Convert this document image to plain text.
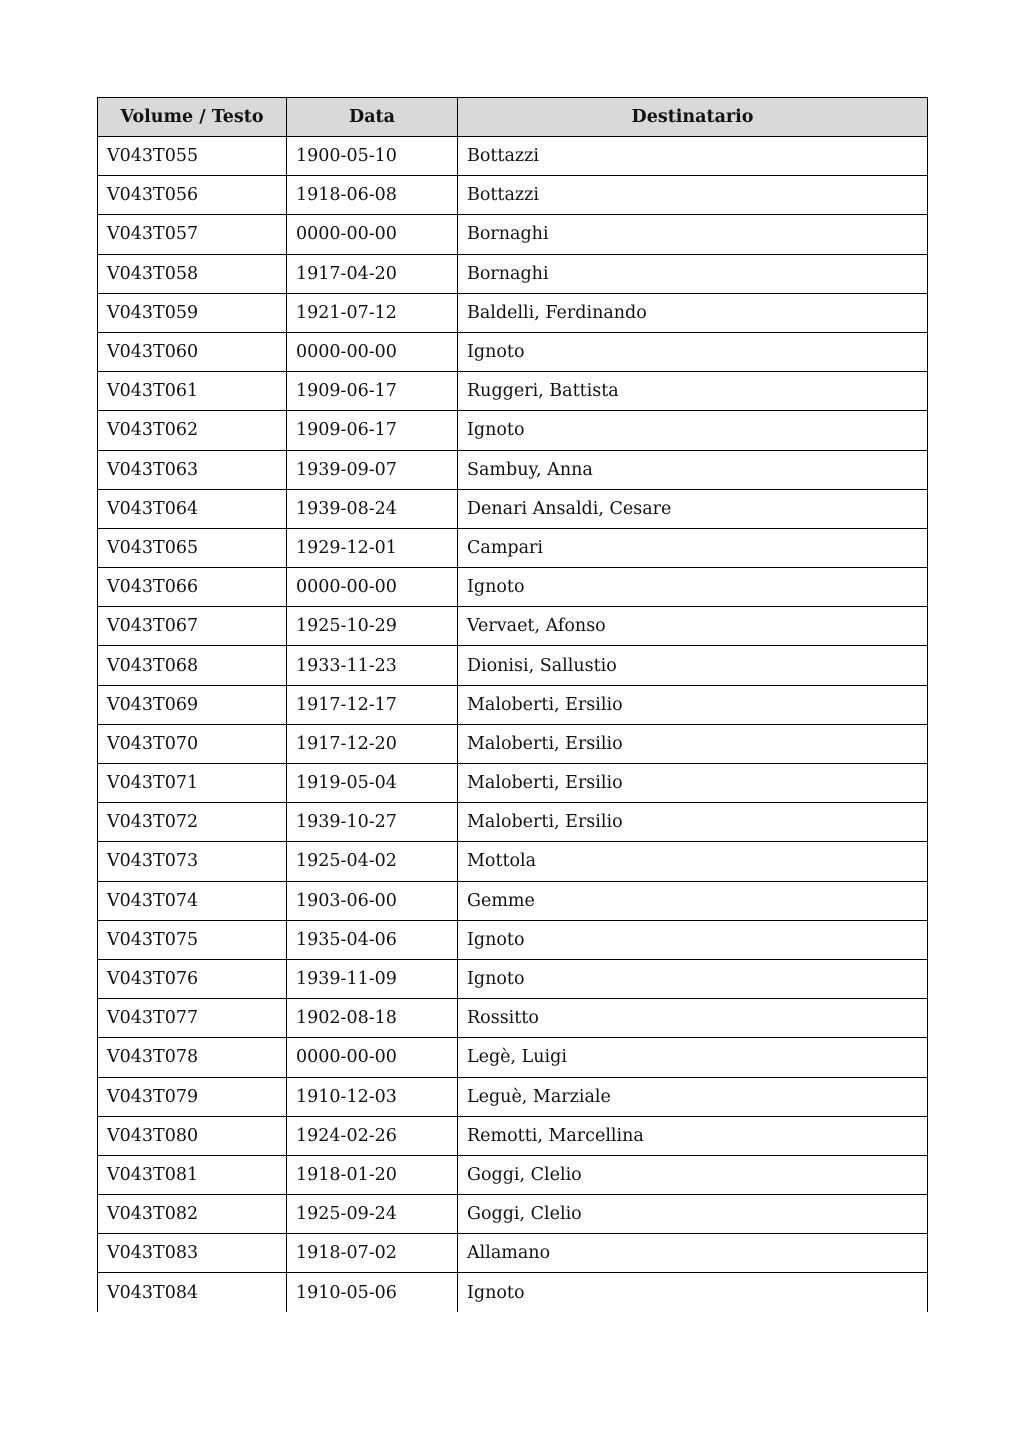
Volume / Testo	Data	Destinatario
V043T055	1900-05-10	Bottazzi
V043T056	1918-06-08	Bottazzi
V043T057	0000-00-00	Bornaghi
V043T058	1917-04-20	Bornaghi
V043T059	1921-07-12	Baldelli, Ferdinando
V043T060	0000-00-00	Ignoto
V043T061	1909-06-17	Ruggeri, Battista
V043T062	1909-06-17	Ignoto
V043T063	1939-09-07	Sambuy, Anna
V043T064	1939-08-24	Denari Ansaldi, Cesare
V043T065	1929-12-01	Campari
V043T066	0000-00-00	Ignoto
V043T067	1925-10-29	Vervaet, Afonso
V043T068	1933-11-23	Dionisi, Sallustio
V043T069	1917-12-17	Maloberti, Ersilio
V043T070	1917-12-20	Maloberti, Ersilio
V043T071	1919-05-04	Maloberti, Ersilio
V043T072	1939-10-27	Maloberti, Ersilio
V043T073	1925-04-02	Mottola
V043T074	1903-06-00	Gemme
V043T075	1935-04-06	Ignoto
V043T076	1939-11-09	Ignoto
V043T077	1902-08-18	Rossitto
V043T078	0000-00-00	Legè, Luigi
V043T079	1910-12-03	Leguè, Marziale
V043T080	1924-02-26	Remotti, Marcellina
V043T081	1918-01-20	Goggi, Clelio
V043T082	1925-09-24	Goggi, Clelio
V043T083	1918-07-02	Allamano
V043T084	1910-05-06	Ignoto
